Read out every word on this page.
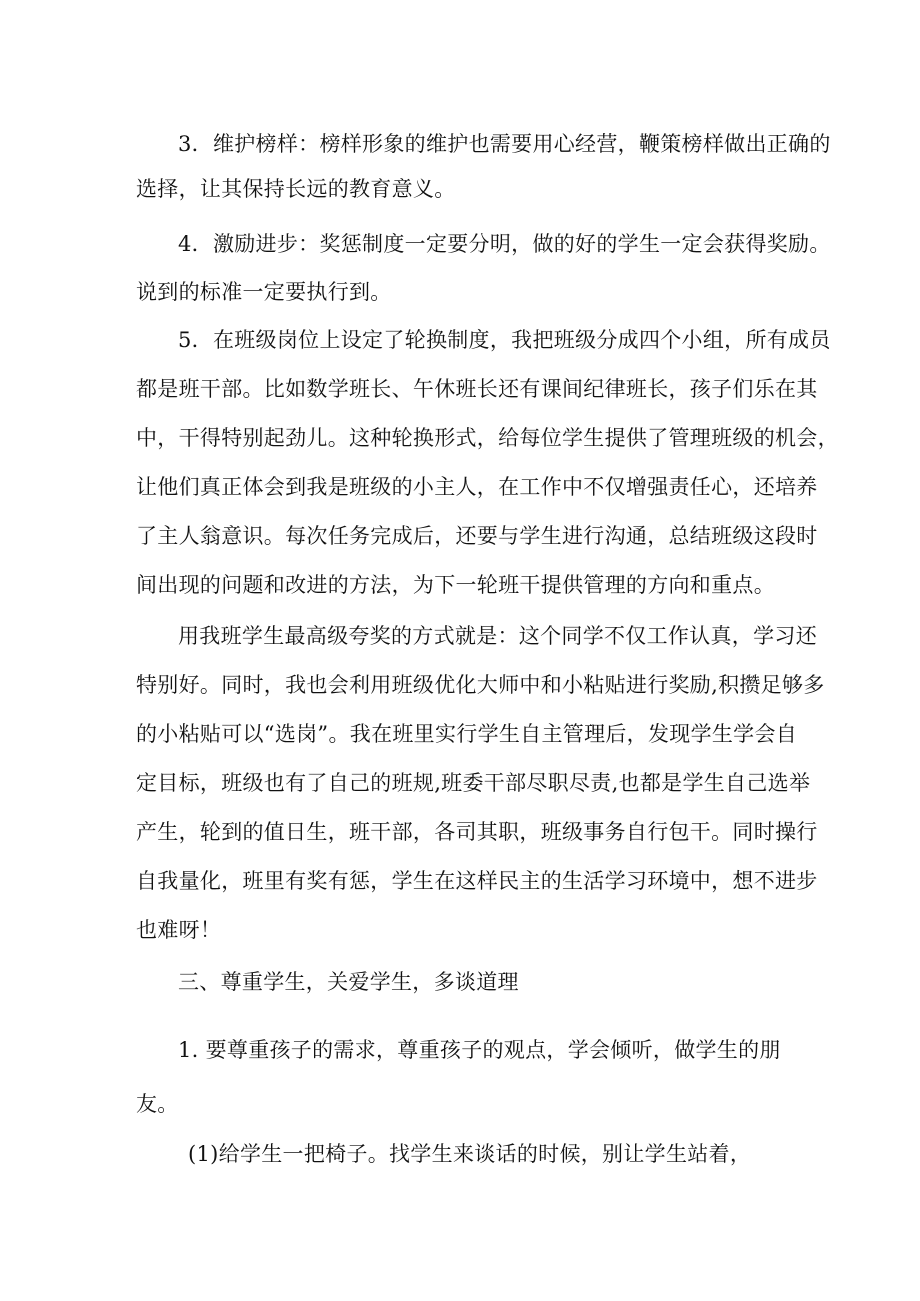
3．维护榜样：榜样形象的维护也需要用心经营，鞭策榜样做出正确的
选择，让其保持长远的教育意义。
4．激励进步：奖惩制度一定要分明，做的好的学生一定会获得奖励。
说到的标准一定要执行到。
5．在班级岗位上设定了轮换制度，我把班级分成四个小组，所有成员
都是班干部。比如数学班长、午休班长还有课间纪律班长，孩子们乐在其
中，干得特别起劲儿。这种轮换形式，给每位学生提供了管理班级的机会，
让他们真正体会到我是班级的小主人，在工作中不仅增强责任心，还培养
了主人翁意识。每次任务完成后，还要与学生进行沟通，总结班级这段时
间出现的问题和改进的方法，为下一轮班干提供管理的方向和重点。
用我班学生最高级夸奖的方式就是：这个同学不仅工作认真，学习还
特别好。同时，我也会利用班级优化大师中和小粘贴进行奖励,积攒足够多
的小粘贴可以“选岗”。我在班里实行学生自主管理后，发现学生学会自
定目标，班级也有了自己的班规,班委干部尽职尽责,也都是学生自己选举
产生，轮到的值日生，班干部，各司其职，班级事务自行包干。同时操行
自我量化，班里有奖有惩，学生在这样民主的生活学习环境中，想不进步
也难呀！
三、尊重学生，关爱学生，多谈道理
1. 要尊重孩子的需求，尊重孩子的观点，学会倾听，做学生的朋
友。
(1)给学生一把椅子。找学生来谈话的时候，别让学生站着，
